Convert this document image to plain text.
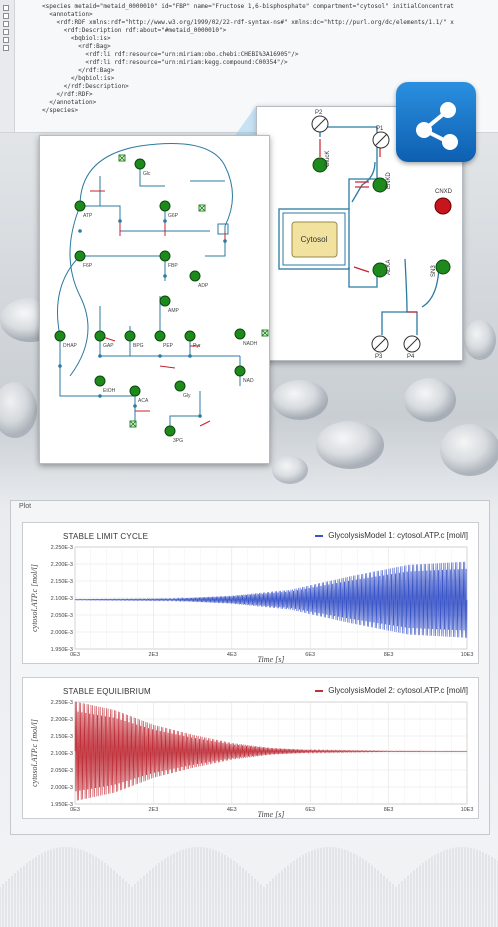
<species metaid="metaid_0000010" id="FBP" name="Fructose 1,6-bisphosphate" compartment="cytosol" initialConcentrat
<annotation>
<rdf:RDF xmlns:rdf="http://www.w3.org/1999/02/22-rdf-syntax-ns#" xmlns:dc="http://purl.org/dc/elements/1.1/" x
<rdf:Description rdf:about="#metaid_0000010">
<bqbiol:is>
<rdf:Bag>
<rdf:li rdf:resource="urn:miriam:obo.chebi:CHEBI%3A16905"/>
<rdf:li rdf:resource="urn:miriam:kegg.compound:C00354"/>
</rdf:Bag>
</bqbiol:is>
</rdf:Description>
</rdf:RDF>
</annotation>
</species>	P2
P1
CNXD
P3	P4
GlucK
ENKD
ALKA	SN3
Cytosol
Glc
ATP	G6P
F6P	FBP
ADP
AMP
DHAP	GAP	BPG	PEP	Pyr	NADH
NAD
EtOH
ACA
Gly
3PG
Plot
STABLE LIMIT CYCLE	GlycolysisModel 1: cytosol.ATP.c [mol/l]
0E3	2E3	4E3	6E3	8E3	10E3
1.950E-3
2.000E-3
2.050E-3
2.100E-3
2.150E-3
2.200E-3
2.250E-3
Time [s]
cytosol.ATP.c [mol/l]
STABLE EQUILIBRIUM	GlycolysisModel 2: cytosol.ATP.c [mol/l]
0E3	2E3	4E3	6E3	8E3	10E3
1.950E-3
2.000E-3
2.050E-3
2.100E-3
2.150E-3
2.200E-3
2.250E-3
Time [s]
cytosol.ATP.c [mol/l]
